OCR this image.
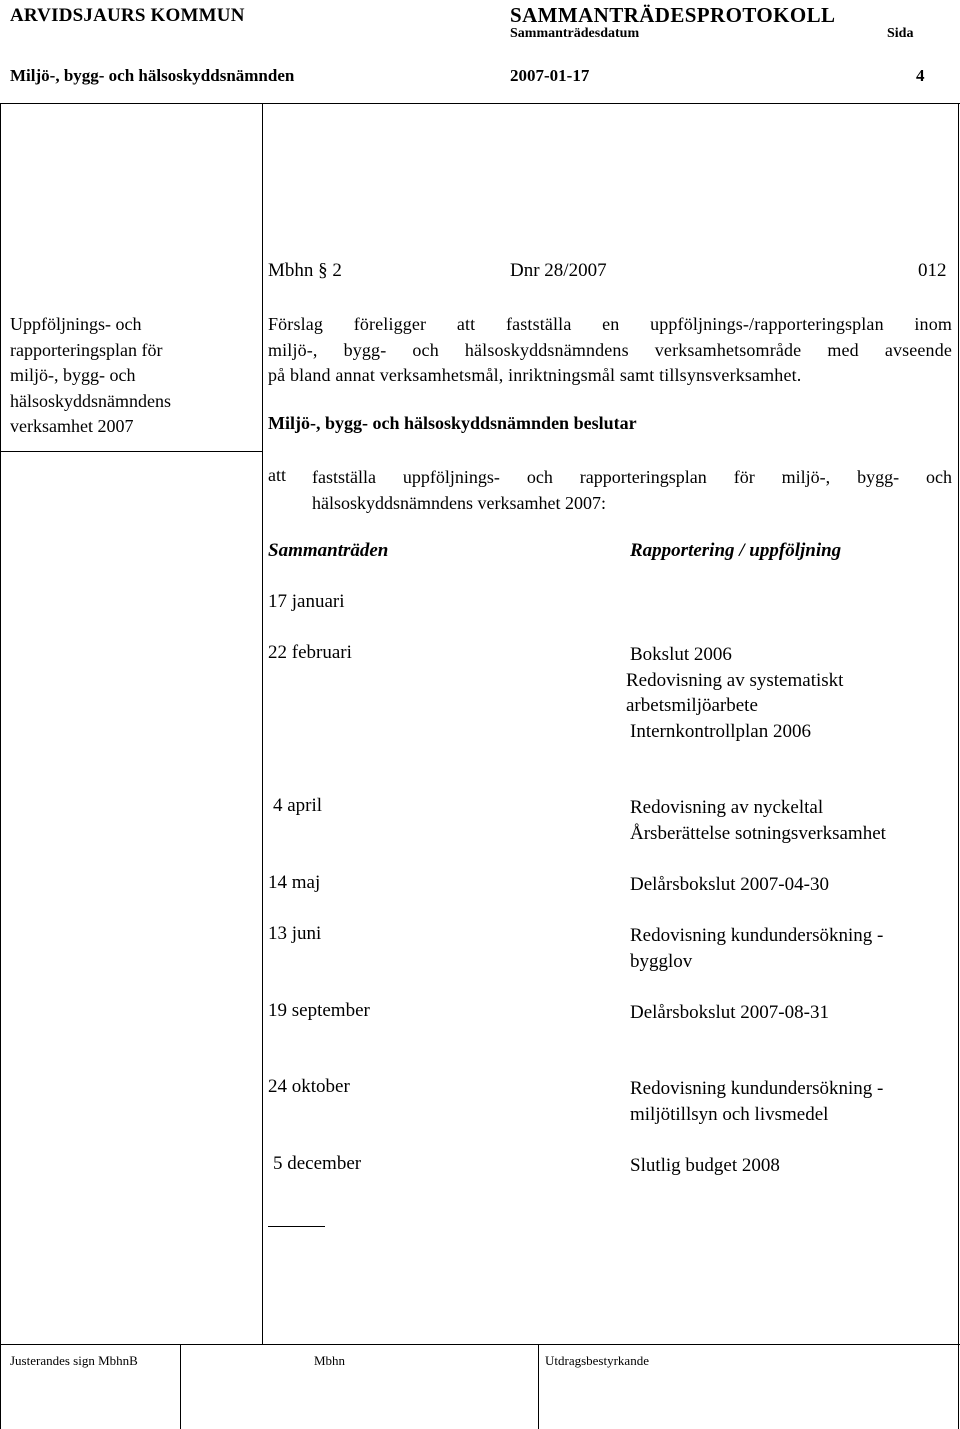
ARVIDSJAURS KOMMUN	SAMMANTRÄDESPROTOKOLL
Sammanträdesdatum	Sida
Miljö-, bygg- och hälsoskyddsnämnden	2007-01-17	4
Mbhn § 2	Dnr 28/2007	012
Uppföljnings- och
rapporteringsplan för
miljö-, bygg- och
hälsoskyddsnämndens
verksamhet 2007
Förslag föreligger att fastställa en uppföljnings-/rapporteringsplan inom
miljö-, bygg- och hälsoskyddsnämndens verksamhetsområde med avseende
på bland annat verksamhetsmål, inriktningsmål samt tillsynsverksamhet.
Miljö-, bygg- och hälsoskyddsnämnden beslutar
att fastställa uppföljnings- och rapporteringsplan för miljö-, bygg- och
hälsoskyddsnämndens verksamhet 2007:
Sammanträden	Rapportering / uppföljning
17 januari
22 februari	Bokslut 2006
Redovisning av systematiskt
arbetsmiljöarbete
Internkontrollplan 2006
4 april	Redovisning av nyckeltal
Årsberättelse sotningsverksamhet
14 maj	Delårsbokslut 2007-04-30
13 juni	Redovisning kundundersökning -
bygglov
19 september	Delårsbokslut 2007-08-31
24 oktober	Redovisning kundundersökning -
miljötillsyn och livsmedel
5 december	Slutlig budget 2008
Justerandes sign MbhnB	Mbhn	Utdragsbestyrkande
